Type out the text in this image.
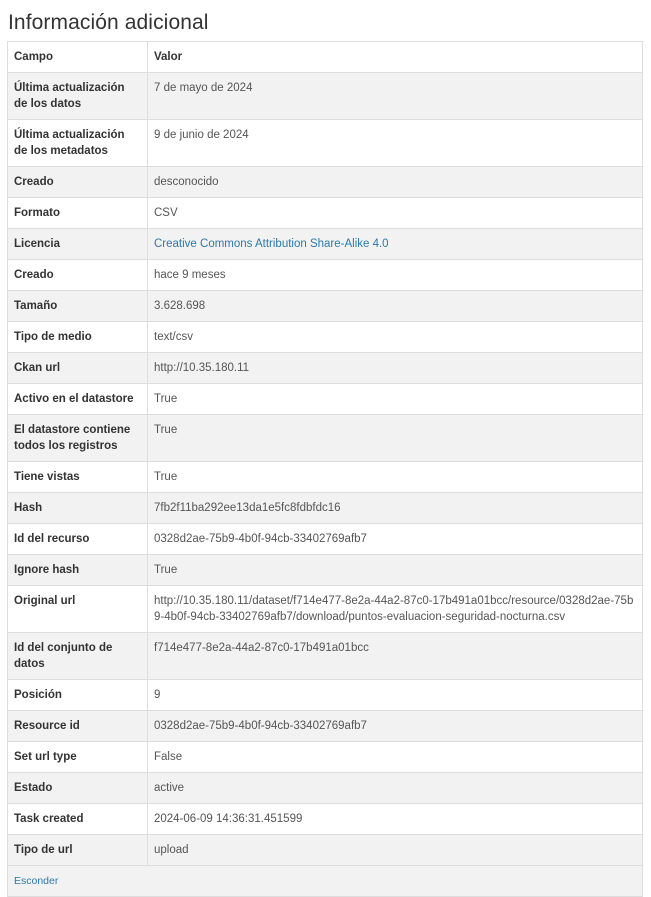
Información adicional
Campo	Valor
Última actualización de los datos	7 de mayo de 2024
Última actualización de los metadatos	9 de junio de 2024
Creado	desconocido
Formato	CSV
Licencia	Creative Commons Attribution Share-Alike 4.0
Creado	hace 9 meses
Tamaño	3.628.698
Tipo de medio	text/csv
Ckan url	http://10.35.180.11
Activo en el datastore	True
El datastore contiene todos los registros	True
Tiene vistas	True
Hash	7fb2f11ba292ee13da1e5fc8fdbfdc16
Id del recurso	0328d2ae-75b9-4b0f-94cb-33402769afb7
Ignore hash	True
Original url	http://10.35.180.11/dataset/f714e477-8e2a-44a2-87c0-17b491a01bcc/resource/0328d2ae-75b9-4b0f-94cb-33402769afb7/download/puntos-evaluacion-seguridad-nocturna.csv
Id del conjunto de datos	f714e477-8e2a-44a2-87c0-17b491a01bcc
Posición	9
Resource id	0328d2ae-75b9-4b0f-94cb-33402769afb7
Set url type	False
Estado	active
Task created	2024-06-09 14:36:31.451599
Tipo de url	upload
Esconder	
